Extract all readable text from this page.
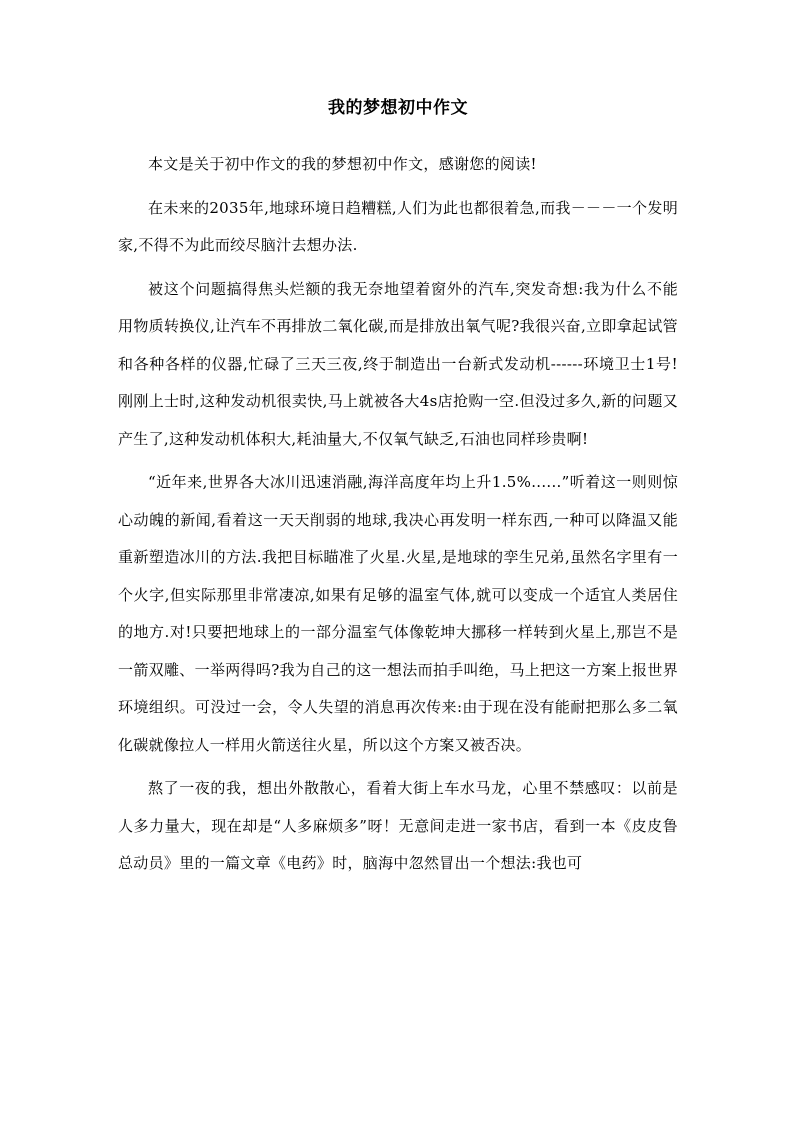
我的梦想初中作文

本文是关于初中作文的我的梦想初中作文，感谢您的阅读!

在未来的2035年,地球环境日趋糟糕,人们为此也都很着急,而我－－－一个发明家,不得不为此而绞尽脑汁去想办法.

被这个问题搞得焦头烂额的我无奈地望着窗外的汽车,突发奇想:我为什么不能用物质转换仪,让汽车不再排放二氧化碳,而是排放出氧气呢?我很兴奋,立即拿起试管和各种各样的仪器,忙碌了三天三夜,终于制造出一台新式发动机------环境卫士1号!刚刚上士时,这种发动机很卖快,马上就被各大4s店抢购一空.但没过多久,新的问题又产生了,这种发动机体积大,耗油量大,不仅氧气缺乏,石油也同样珍贵啊!

“近年来,世界各大冰川迅速消融,海洋高度年均上升1.5%......”听着这一则则惊心动魄的新闻,看着这一天天削弱的地球,我决心再发明一样东西,一种可以降温又能重新塑造冰川的方法.我把目标瞄准了火星.火星,是地球的孪生兄弟,虽然名字里有一个火字,但实际那里非常凄凉,如果有足够的温室气体,就可以变成一个适宜人类居住的地方.对!只要把地球上的一部分温室气体像乾坤大挪移一样转到火星上,那岂不是一箭双雕、一举两得吗?我为自己的这一想法而拍手叫绝，马上把这一方案上报世界环境组织。可没过一会，令人失望的消息再次传来:由于现在没有能耐把那么多二氧化碳就像拉人一样用火箭送往火星，所以这个方案又被否决。

熬了一夜的我，想出外散散心，看着大街上车水马龙，心里不禁感叹：以前是人多力量大，现在却是“人多麻烦多”呀！无意间走进一家书店，看到一本《皮皮鲁总动员》里的一篇文章《电药》时，脑海中忽然冒出一个想法:我也可
